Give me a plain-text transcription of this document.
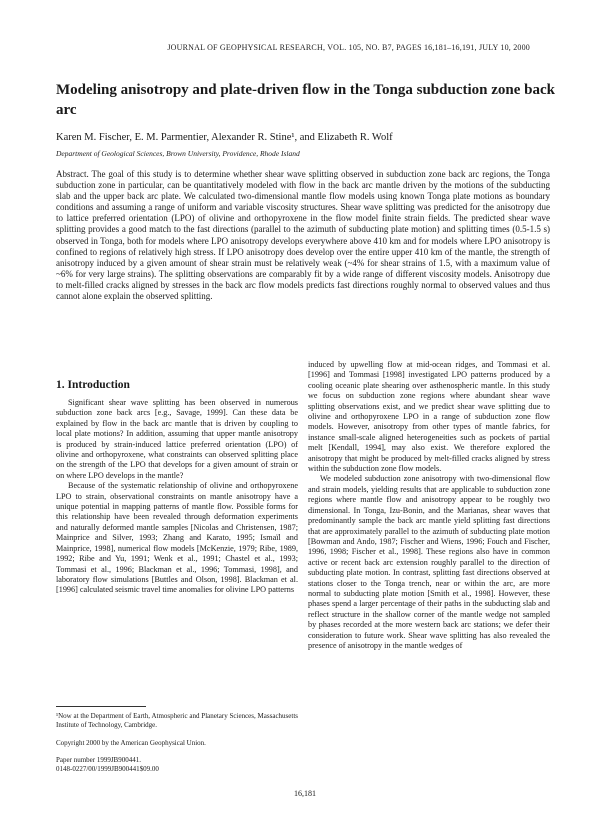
JOURNAL OF GEOPHYSICAL RESEARCH, VOL. 105, NO. B7, PAGES 16,181–16,191, JULY 10, 2000
Modeling anisotropy and plate-driven flow in the Tonga subduction zone back arc
Karen M. Fischer, E. M. Parmentier, Alexander R. Stine¹, and Elizabeth R. Wolf
Department of Geological Sciences, Brown University, Providence, Rhode Island

Abstract. The goal of this study is to determine whether shear wave splitting observed in subduction zone back arc regions, the Tonga subduction zone in particular, can be quantitatively modeled with flow in the back arc mantle driven by the motions of the subducting slab and the upper back arc plate. We calculated two-dimensional mantle flow models using known Tonga plate motions as boundary conditions and assuming a range of uniform and variable viscosity structures. Shear wave splitting was predicted for the anisotropy due to lattice preferred orientation (LPO) of olivine and orthopyroxene in the flow model finite strain fields. The predicted shear wave splitting provides a good match to the fast directions (parallel to the azimuth of subducting plate motion) and splitting times (0.5-1.5 s) observed in Tonga, both for models where LPO anisotropy develops everywhere above 410 km and for models where LPO anisotropy is confined to regions of relatively high stress. If LPO anisotropy does develop over the entire upper 410 km of the mantle, the strength of anisotropy induced by a given amount of shear strain must be relatively weak (~4% for shear strains of 1.5, with a maximum value of ~6% for very large strains). The splitting observations are comparably fit by a wide range of different viscosity models. Anisotropy due to melt-filled cracks aligned by stresses in the back arc flow models predicts fast directions roughly normal to observed values and thus cannot alone explain the observed splitting.

1. Introduction

Significant shear wave splitting has been observed in numerous subduction zone back arcs [e.g., Savage, 1999]. Can these data be explained by flow in the back arc mantle that is driven by coupling to local plate motions? In addition, assuming that upper mantle anisotropy is produced by strain-induced lattice preferred orientation (LPO) of olivine and orthopyroxene, what constraints can observed splitting place on the strength of the LPO that develops for a given amount of strain or on where LPO develops in the mantle?

Because of the systematic relationship of olivine and orthopyroxene LPO to strain, observational constraints on mantle anisotropy have a unique potential in mapping patterns of mantle flow. Possible forms for this relationship have been revealed through deformation experiments and naturally deformed mantle samples [Nicolas and Christensen, 1987; Mainprice and Silver, 1993; Zhang and Karato, 1995; Ismaïl and Mainprice, 1998], numerical flow models [McKenzie, 1979; Ribe, 1989, 1992; Ribe and Yu, 1991; Wenk et al., 1991; Chastel et al., 1993; Tommasi et al., 1996; Blackman et al., 1996; Tommasi, 1998], and laboratory flow simulations [Buttles and Olson, 1998]. Blackman et al. [1996] calculated seismic travel time anomalies for olivine LPO patterns

induced by upwelling flow at mid-ocean ridges, and Tommasi et al. [1996] and Tommasi [1998] investigated LPO patterns produced by a cooling oceanic plate shearing over asthenospheric mantle. In this study we focus on subduction zone regions where abundant shear wave splitting observations exist, and we predict shear wave splitting due to olivine and orthopyroxene LPO in a range of subduction zone flow models. However, anisotropy from other types of mantle fabrics, for instance small-scale aligned heterogeneities such as pockets of partial melt [Kendall, 1994], may also exist. We therefore explored the anisotropy that might be produced by melt-filled cracks aligned by stress within the subduction zone flow models.

We modeled subduction zone anisotropy with two-dimensional flow and strain models, yielding results that are applicable to subduction zone regions where mantle flow and anisotropy appear to be roughly two dimensional. In Tonga, Izu-Bonin, and the Marianas, shear waves that predominantly sample the back arc mantle yield splitting fast directions that are approximately parallel to the azimuth of subducting plate motion [Bowman and Ando, 1987; Fischer and Wiens, 1996; Fouch and Fischer, 1996, 1998; Fischer et al., 1998]. These regions also have in common active or recent back arc extension roughly parallel to the direction of subducting plate motion. In contrast, splitting fast directions observed at stations closer to the Tonga trench, near or within the arc, are more normal to subducting plate motion [Smith et al., 1998]. However, these phases spend a larger percentage of their paths in the subducting slab and reflect structure in the shallow corner of the mantle wedge not sampled by phases recorded at the more western back arc stations; we defer their consideration to future work. Shear wave splitting has also revealed the presence of anisotropy in the mantle wedges of

¹Now at the Department of Earth, Atmospheric and Planetary Sciences, Massachusetts Institute of Technology, Cambridge.
Copyright 2000 by the American Geophysical Union.
Paper number 1999JB900441.
0148-0227/00/1999JB900441$09.00
16,181
